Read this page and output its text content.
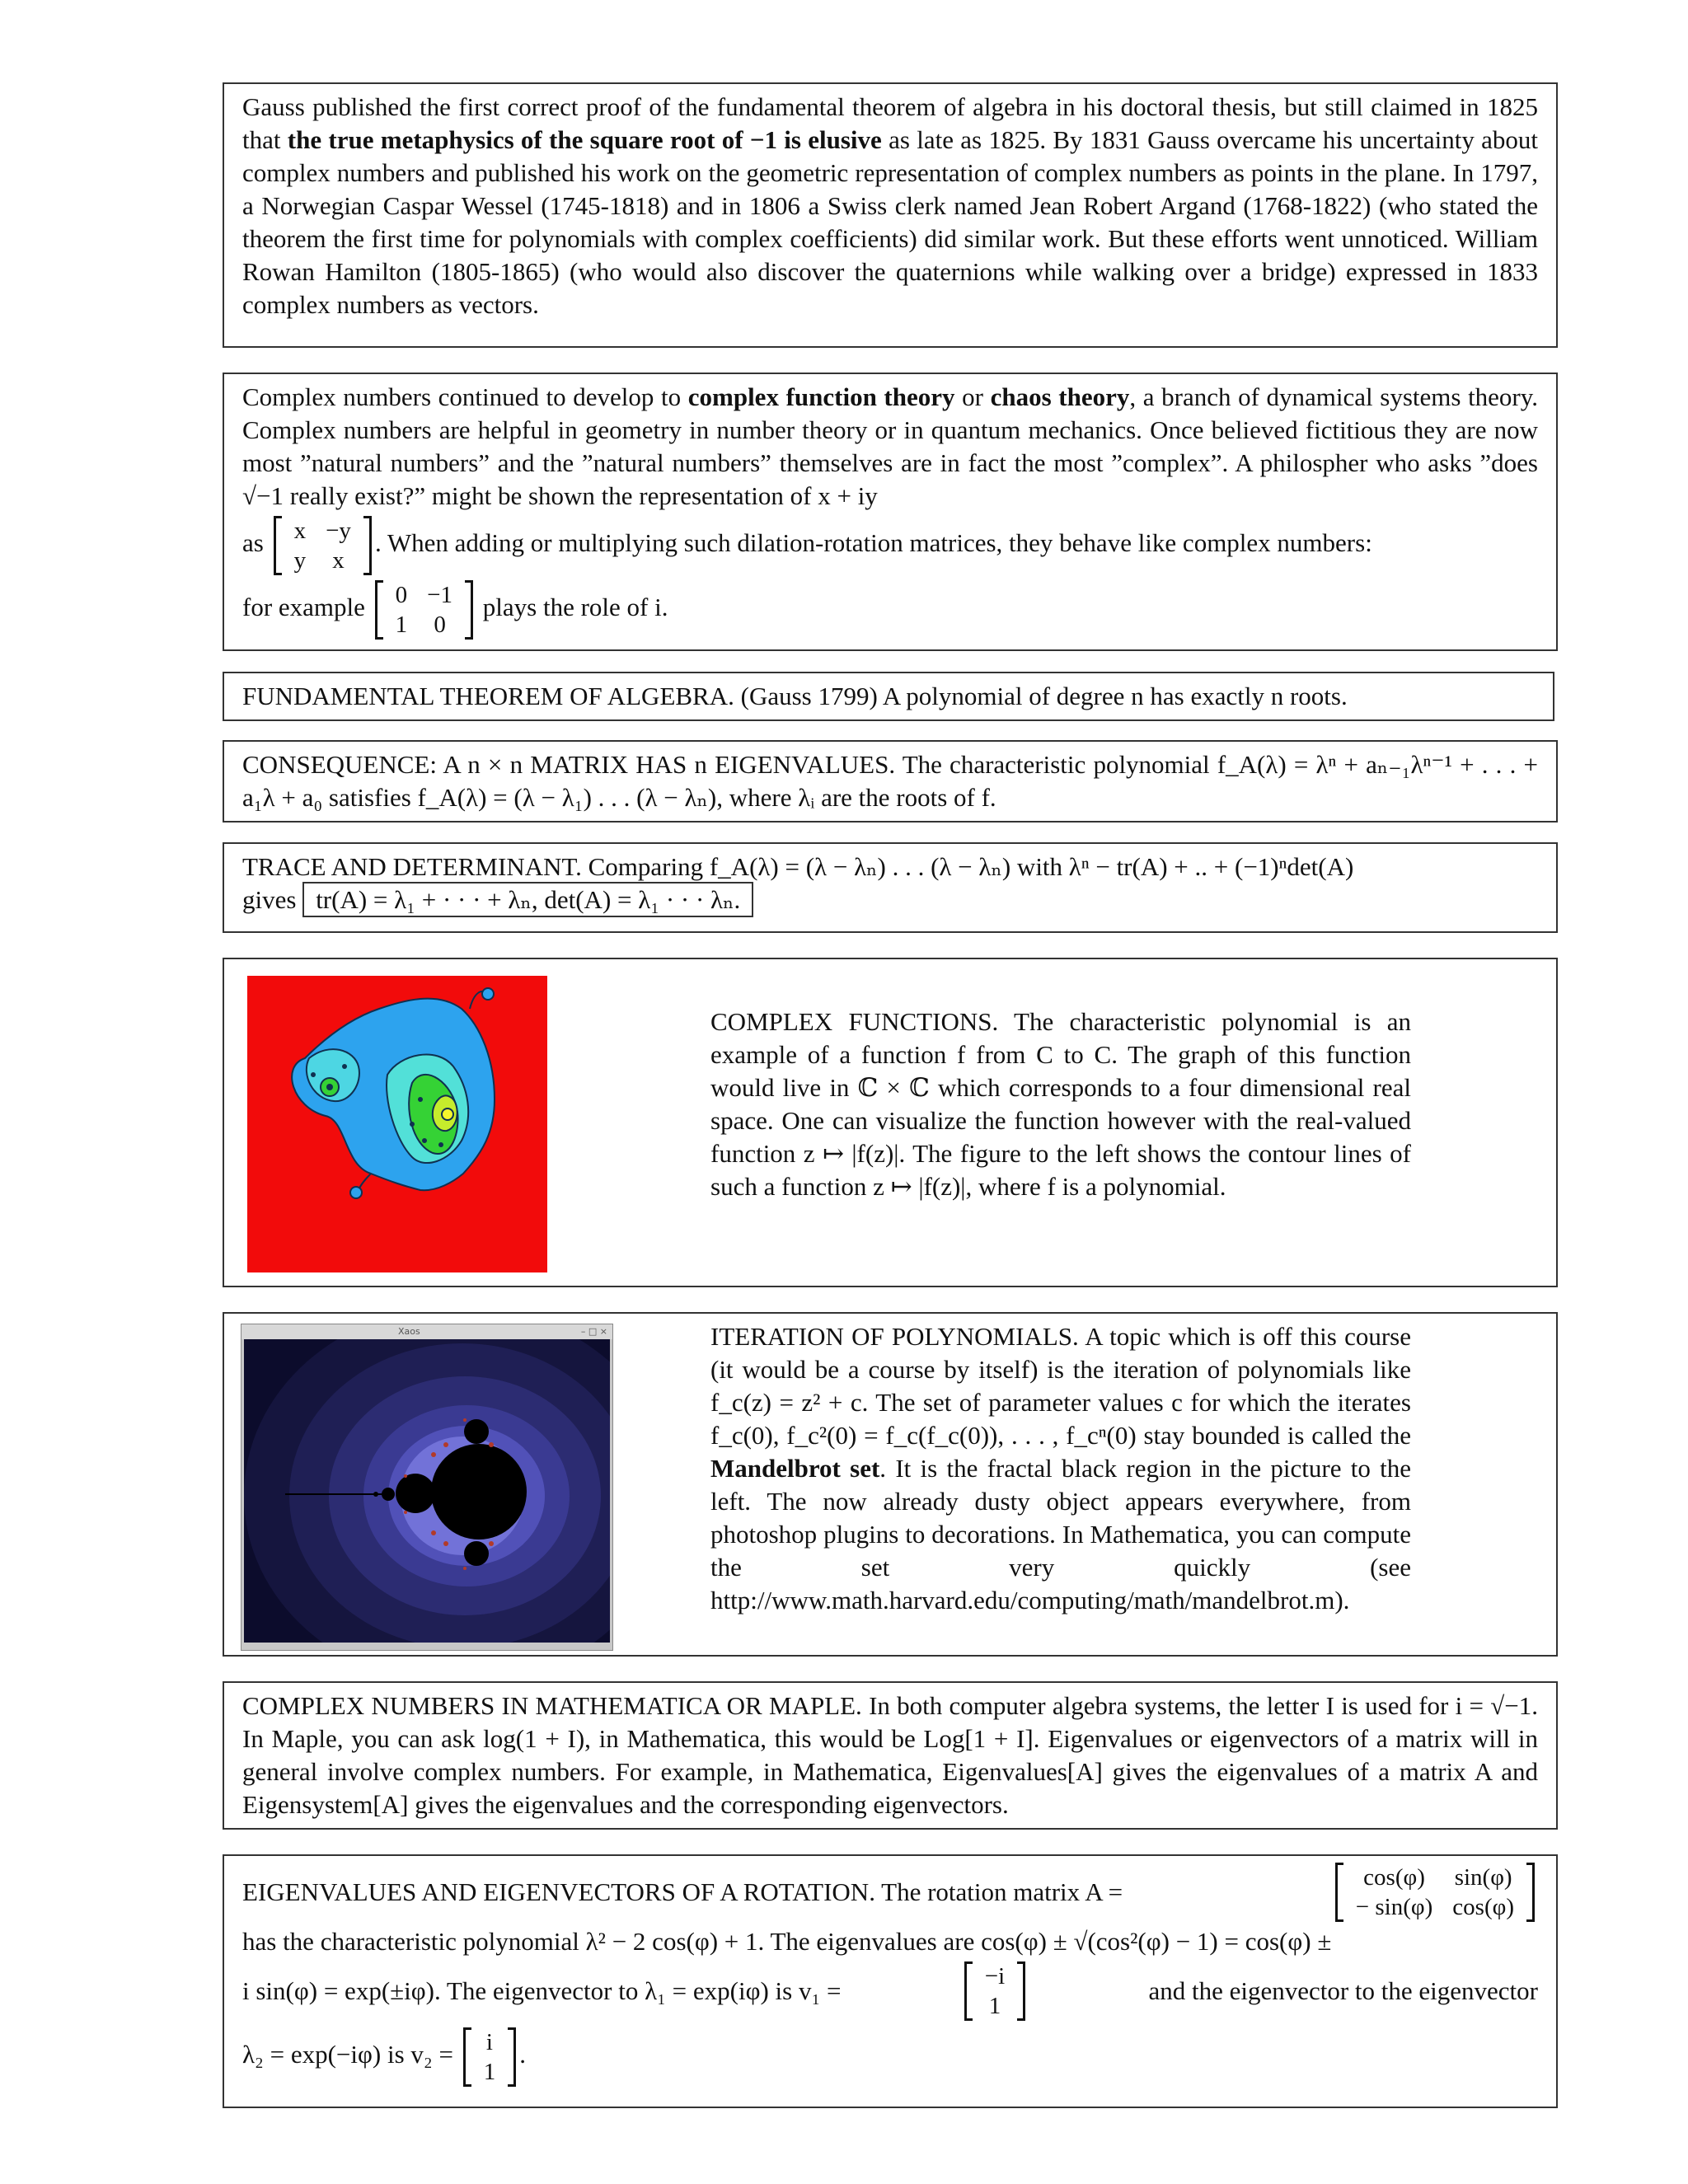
Gauss published the first correct proof of the fundamental theorem of algebra in his doctoral thesis, but still claimed in 1825 that the true metaphysics of the square root of −1 is elusive as late as 1825. By 1831 Gauss overcame his uncertainty about complex numbers and published his work on the geometric representation of complex numbers as points in the plane. In 1797, a Norwegian Caspar Wessel (1745-1818) and in 1806 a Swiss clerk named Jean Robert Argand (1768-1822) (who stated the theorem the first time for polynomials with complex coefficients) did similar work. But these efforts went unnoticed. William Rowan Hamilton (1805-1865) (who would also discover the quaternions while walking over a bridge) expressed in 1833 complex numbers as vectors.
Complex numbers continued to develop to complex function theory or chaos theory, a branch of dynamical systems theory. Complex numbers are helpful in geometry in number theory or in quantum mechanics. Once believed fictitious they are now most ”natural numbers” and the ”natural numbers” themselves are in fact the most ”complex”. A philospher who asks ”does √−1 really exist?” might be shown the representation of x + iy
as x	−y
y	x
. When adding or multiplying such dilation-rotation matrices, they behave like complex numbers:
for example 0	−1
1	0
plays the role of i.
FUNDAMENTAL THEOREM OF ALGEBRA. (Gauss 1799) A polynomial of degree n has exactly n roots.
CONSEQUENCE: A n × n MATRIX HAS n EIGENVALUES. The characteristic polynomial f_A(λ) = λⁿ + aₙ₋₁λⁿ⁻¹ + . . . + a₁λ + a₀ satisfies f_A(λ) = (λ − λ₁) . . . (λ − λₙ), where λᵢ are the roots of f.
TRACE AND DETERMINANT. Comparing f_A(λ) = (λ − λₙ) . . . (λ − λₙ) with λⁿ − tr(A) + .. + (−1)ⁿdet(A)
gives tr(A) = λ₁ + · · · + λₙ, det(A) = λ₁ · · · λₙ.
COMPLEX FUNCTIONS. The characteristic polynomial is an example of a function f from C to C. The graph of this function would live in ℂ × ℂ which corresponds to a four dimensional real space. One can visualize the function however with the real-valued function z ↦ |f(z)|. The figure to the left shows the contour lines of such a function z ↦ |f(z)|, where f is a polynomial.
Xaos	– □ ×	ITERATION OF POLYNOMIALS. A topic which is off this course (it would be a course by itself) is the iteration of polynomials like f_c(z) = z² + c. The set of parameter values c for which the iterates f_c(0), f_c²(0) = f_c(f_c(0)), . . . , f_cⁿ(0) stay bounded is called the Mandelbrot set. It is the fractal black region in the picture to the left. The now already dusty object appears everywhere, from photoshop plugins to decorations. In Mathematica, you can compute the set very quickly (see http://www.math.harvard.edu/computing/math/mandelbrot.m).
COMPLEX NUMBERS IN MATHEMATICA OR MAPLE. In both computer algebra systems, the letter I is used for i = √−1. In Maple, you can ask log(1 + I), in Mathematica, this would be Log[1 + I]. Eigenvalues or eigenvectors of a matrix will in general involve complex numbers. For example, in Mathematica, Eigenvalues[A] gives the eigenvalues of a matrix A and Eigensystem[A] gives the eigenvalues and the corresponding eigenvectors.
EIGENVALUES AND EIGENVECTORS OF A ROTATION. The rotation matrix A =	cos(φ)	sin(φ)
− sin(φ)	cos(φ)
has the characteristic polynomial λ² − 2 cos(φ) + 1. The eigenvalues are cos(φ) ± √(cos²(φ) − 1) = cos(φ) ±
i sin(φ) = exp(±iφ). The eigenvector to λ₁ = exp(iφ) is v₁ =	−i
1
and the eigenvector to the eigenvector
λ₂ = exp(−iφ) is v₂ = i
1
.
